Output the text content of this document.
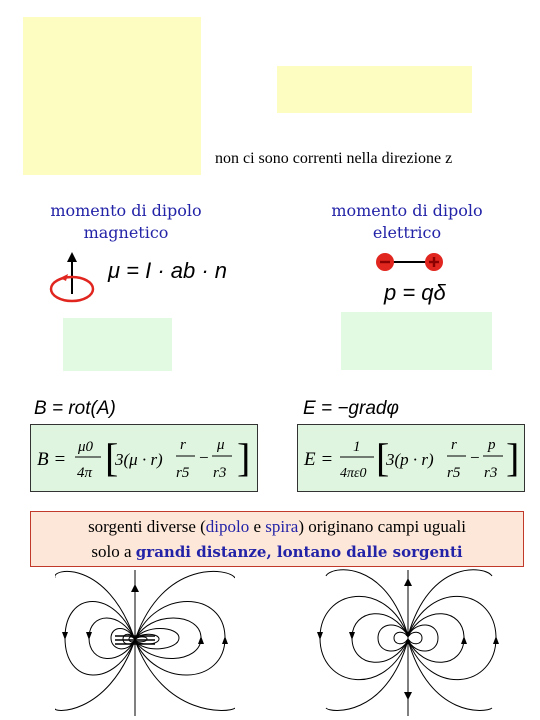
non ci sono correnti nella direzione z
momento di dipolo
magnetico
momento di dipolo
elettrico
μ = I · ab · n
p = qδ
B = rot(A)	E = −gradφ
B =
μ0
4π [
3(μ · r)
r
r5
−
μ
r3 ]	E =
1
4πε0 [
3(p · r)
r
r5
−
p
r3 ]
sorgenti diverse (dipolo e spira) originano campi uguali
solo a grandi distanze, lontano dalle sorgenti
